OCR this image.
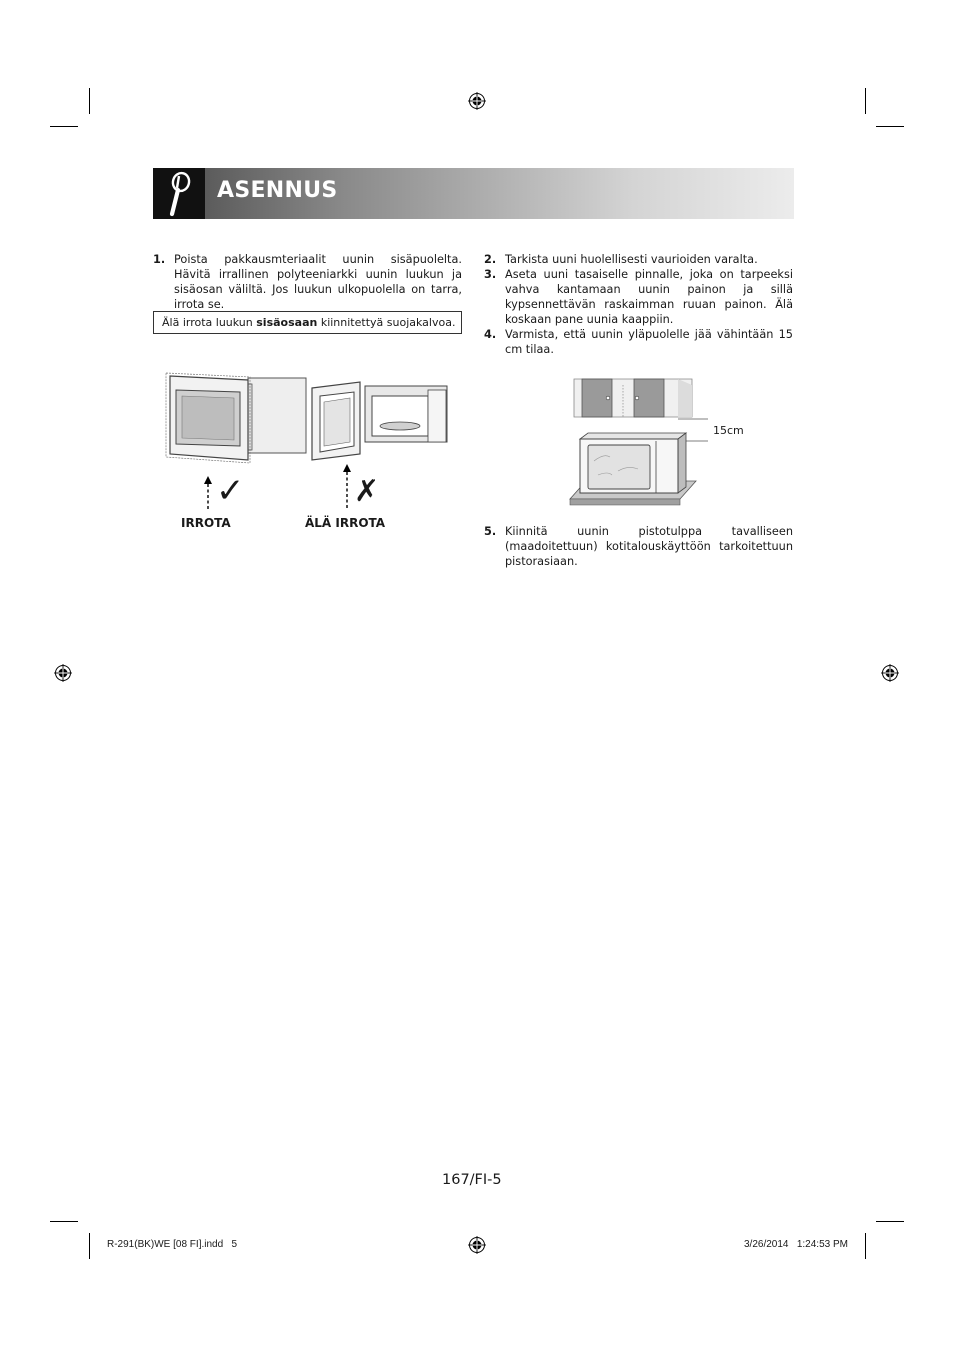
ASENNUS
1. Poista pakkausmteriaalit uunin sisäpuolelta. Hävitä irrallinen polyteeniarkki uunin luukun ja sisäosan väliltä. Jos luukun ulkopuolella on tarra, irrota se.
Älä irrota luukun sisäosaan kiinnitettyä suojakalvoa.
✓	✗
IRROTA	ÄLÄ IRROTA
2. Tarkista uuni huolellisesti vaurioiden varalta.
3. Aseta uuni tasaiselle pinnalle, joka on tarpeeksi vahva kantamaan uunin painon ja sillä kypsennettävän raskaimman ruuan painon. Älä koskaan pane uunia kaappiin.
4. Varmista, että uunin yläpuolelle jää vähintään 15 cm tilaa.
15cm
5. Kiinnitä uunin pistotulppa tavalliseen (maadoitettuun) kotitalouskäyttöön tarkoitettuun pistorasiaan.
167/FI-5
R-291(BK)WE [08 FI].indd   5	3/26/2014   1:24:53 PM
